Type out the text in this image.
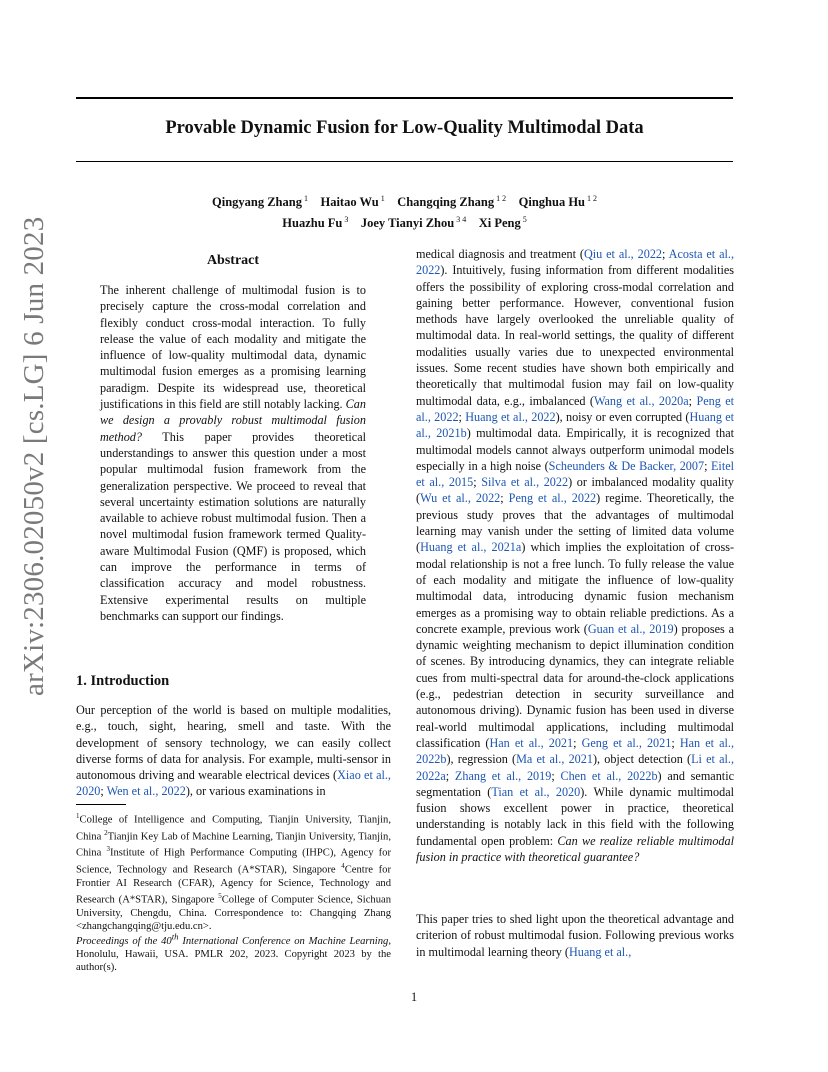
Provable Dynamic Fusion for Low-Quality Multimodal Data
Qingyang Zhang $^1$  Haitao Wu $^1$  Changqing Zhang $^{1 2}$  Qinghua Hu $^{1 2}$
Huazhu Fu $^3$  Joey Tianyi Zhou $^{3 4}$  Xi Peng $^5$
arXiv:2306.02050v2 [cs.LG] 6 Jun 2023	Abstract
The inherent challenge of multimodal fusion is to precisely capture the cross-modal correlation and flexibly conduct cross-modal interaction. To fully release the value of each modality and mitigate the influence of low-quality multimodal data, dynamic multimodal fusion emerges as a promising learning paradigm. Despite its widespread use, theoretical justifications in this field are still notably lacking. Can we design a provably robust multimodal fusion method? This paper provides theoretical understandings to answer this question under a most popular multimodal fusion framework from the generalization perspective. We proceed to reveal that several uncertainty estimation solutions are naturally available to achieve robust multimodal fusion. Then a novel multimodal fusion framework termed Quality-aware Multimodal Fusion (QMF) is proposed, which can improve the performance in terms of classification accuracy and model robustness. Extensive experimental results on multiple benchmarks can support our findings.
1. Introduction
Our perception of the world is based on multiple modalities, e.g., touch, sight, hearing, smell and taste. With the development of sensory technology, we can easily collect diverse forms of data for analysis. For example, multi-sensor in autonomous driving and wearable electrical devices (Xiao et al., 2020; Wen et al., 2022), or various examinations in
$^1$College of Intelligence and Computing, Tianjin University, Tianjin, China $^2$Tianjin Key Lab of Machine Learning, Tianjin University, Tianjin, China $^3$Institute of High Performance Computing (IHPC), Agency for Science, Technology and Research (A*STAR), Singapore $^4$Centre for Frontier AI Research (CFAR), Agency for Science, Technology and Research (A*STAR), Singapore $^5$College of Computer Science, Sichuan University, Chengdu, China. Correspondence to: Changqing Zhang <zhangchangqing@tju.edu.cn>.
Proceedings of the 40th International Conference on Machine Learning, Honolulu, Hawaii, USA. PMLR 202, 2023. Copyright 2023 by the author(s).
medical diagnosis and treatment (Qiu et al., 2022; Acosta et al., 2022). Intuitively, fusing information from different modalities offers the possibility of exploring cross-modal correlation and gaining better performance. However, conventional fusion methods have largely overlooked the unreliable quality of multimodal data. In real-world settings, the quality of different modalities usually varies due to unexpected environmental issues. Some recent studies have shown both empirically and theoretically that multimodal fusion may fail on low-quality multimodal data, e.g., imbalanced (Wang et al., 2020a; Peng et al., 2022; Huang et al., 2022), noisy or even corrupted (Huang et al., 2021b) multimodal data. Empirically, it is recognized that multimodal models cannot always outperform unimodal models especially in a high noise (Scheunders & De Backer, 2007; Eitel et al., 2015; Silva et al., 2022) or imbalanced modality quality (Wu et al., 2022; Peng et al., 2022) regime. Theoretically, the previous study proves that the advantages of multimodal learning may vanish under the setting of limited data volume (Huang et al., 2021a) which implies the exploitation of cross-modal relationship is not a free lunch. To fully release the value of each modality and mitigate the influence of low-quality multimodal data, introducing dynamic fusion mechanism emerges as a promising way to obtain reliable predictions. As a concrete example, previous work (Guan et al., 2019) proposes a dynamic weighting mechanism to depict illumination condition of scenes. By introducing dynamics, they can integrate reliable cues from multi-spectral data for around-the-clock applications (e.g., pedestrian detection in security surveillance and autonomous driving). Dynamic fusion has been used in diverse real-world multimodal applications, including multimodal classification (Han et al., 2021; Geng et al., 2021; Han et al., 2022b), regression (Ma et al., 2021), object detection (Li et al., 2022a; Zhang et al., 2019; Chen et al., 2022b) and semantic segmentation (Tian et al., 2020). While dynamic multimodal fusion shows excellent power in practice, theoretical understanding is notably lack in this field with the following fundamental open problem: Can we realize reliable multimodal fusion in practice with theoretical guarantee?
This paper tries to shed light upon the theoretical advantage and criterion of robust multimodal fusion. Following previous works in multimodal learning theory (Huang et al.,
1
